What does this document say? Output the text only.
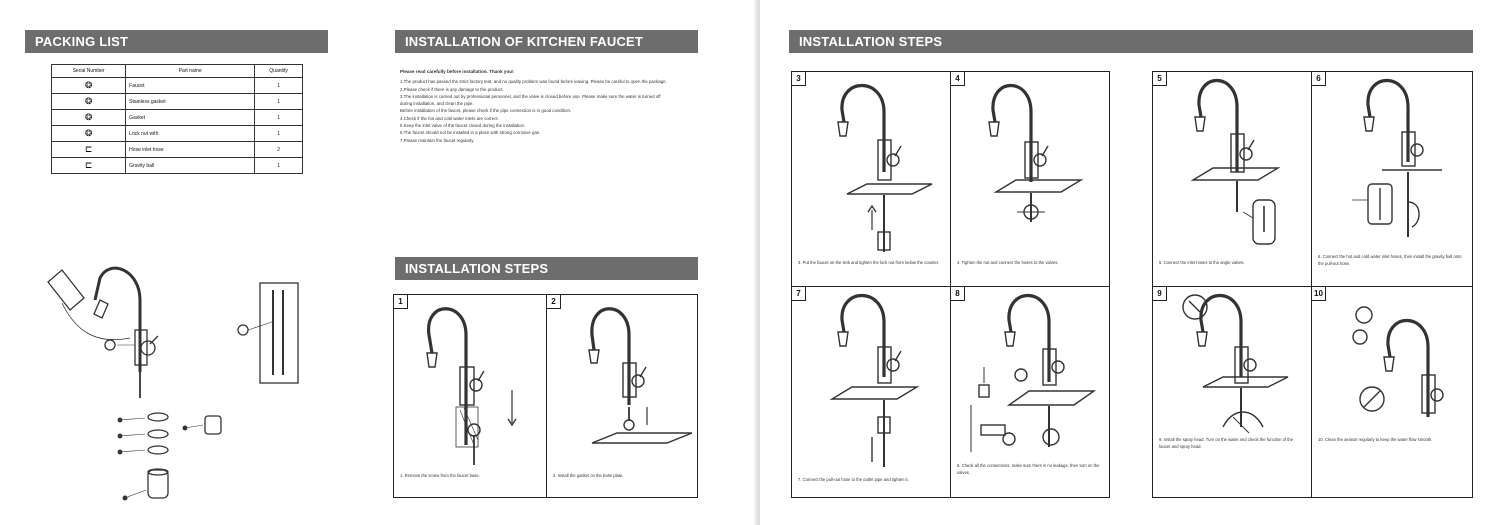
PACKING LIST
Serial Number	Part name	Quantity
❂	Faucet	1
❂	Stainless gasket	1
❂	Gasket	1
❂	Lock nut with	1
⊏	Hose inlet hose	2
⊏	Gravity ball	1
INSTALLATION OF KITCHEN FAUCET
Please read carefully before installation. Thank you!

1.The product has passed the strict factory test, and no quality problem was found before leaving. Please be careful to open the package.

2.Please check if there is any damage to the product.

3.The installation is carried out by professional personnel, and the valve is closed before use. Please make sure the water is turned off during installation, and clean the pipe.

Before installation of the faucet, please check if the pipe connection is in good condition.

4.Check if the hot and cold water inlets are correct.

5.Keep the inlet valve of the faucet closed during the installation.

6.The faucet should not be installed in a place with strong corrosive gas.

7.Please maintain the faucet regularly.

INSTALLATION STEPS
1
1. Remove the screw from the faucet base.
2
2. Install the gasket on the base plate.
INSTALLATION STEPS
3
3. Put the faucet on the sink and tighten the lock nut from below the counter.
4
4. Tighten the nut and connect the hoses to the valves.
5
5. Connect the inlet hoses to the angle valves.
6
6. Connect the hot and cold water inlet hoses, then install the gravity ball onto the pull-out hose.
7
7. Connect the pull-out hose to the outlet pipe and tighten it.
8
8. Check all the connections, make sure there is no leakage, then turn on the valves.
9
9. Install the spray head. Turn on the water and check the function of the faucet and spray head.
10
10. Clean the aerator regularly to keep the water flow smooth.
